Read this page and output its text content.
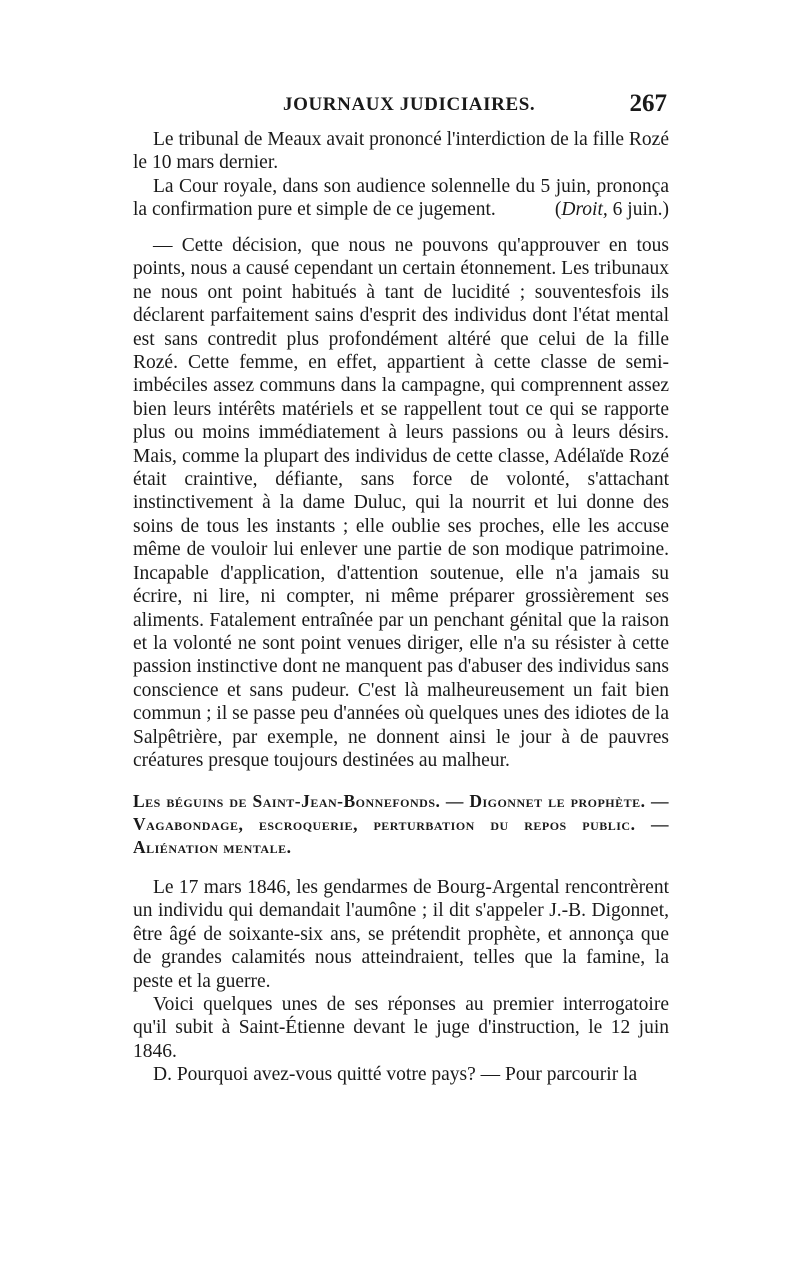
JOURNAUX JUDICIAIRES.	267

Le tribunal de Meaux avait prononcé l'interdiction de la fille Rozé le 10 mars dernier.

La Cour royale, dans son audience solennelle du 5 juin, prononça la confirmation pure et simple de ce jugement.	(Droit, 6 juin.)

— Cette décision, que nous ne pouvons qu'approuver en tous points, nous a causé cependant un certain étonnement. Les tribunaux ne nous ont point habitués à tant de lucidité ; souventesfois ils déclarent parfaitement sains d'esprit des individus dont l'état mental est sans contredit plus profondément altéré que celui de la fille Rozé. Cette femme, en effet, appartient à cette classe de semi-imbéciles assez communs dans la campagne, qui comprennent assez bien leurs intérêts matériels et se rappellent tout ce qui se rapporte plus ou moins immédiatement à leurs passions ou à leurs désirs. Mais, comme la plupart des individus de cette classe, Adélaïde Rozé était craintive, défiante, sans force de volonté, s'attachant instinctivement à la dame Duluc, qui la nourrit et lui donne des soins de tous les instants ; elle oublie ses proches, elle les accuse même de vouloir lui enlever une partie de son modique patrimoine. Incapable d'application, d'attention soutenue, elle n'a jamais su écrire, ni lire, ni compter, ni même préparer grossièrement ses aliments. Fatalement entraînée par un penchant génital que la raison et la volonté ne sont point venues diriger, elle n'a su résister à cette passion instinctive dont ne manquent pas d'abuser des individus sans conscience et sans pudeur. C'est là malheureusement un fait bien commun ; il se passe peu d'années où quelques unes des idiotes de la Salpêtrière, par exemple, ne donnent ainsi le jour à de pauvres créatures presque toujours destinées au malheur.

Les béguins de Saint-Jean-Bonnefonds. — Digonnet le prophète. — Vagabondage, escroquerie, perturbation du repos public. — Aliénation mentale.

Le 17 mars 1846, les gendarmes de Bourg-Argental rencontrèrent un individu qui demandait l'aumône ; il dit s'appeler J.-B. Digonnet, être âgé de soixante-six ans, se prétendit prophète, et annonça que de grandes calamités nous atteindraient, telles que la famine, la peste et la guerre.

Voici quelques unes de ses réponses au premier interrogatoire qu'il subit à Saint-Étienne devant le juge d'instruction, le 12 juin 1846.

D. Pourquoi avez-vous quitté votre pays? — Pour parcourir la
